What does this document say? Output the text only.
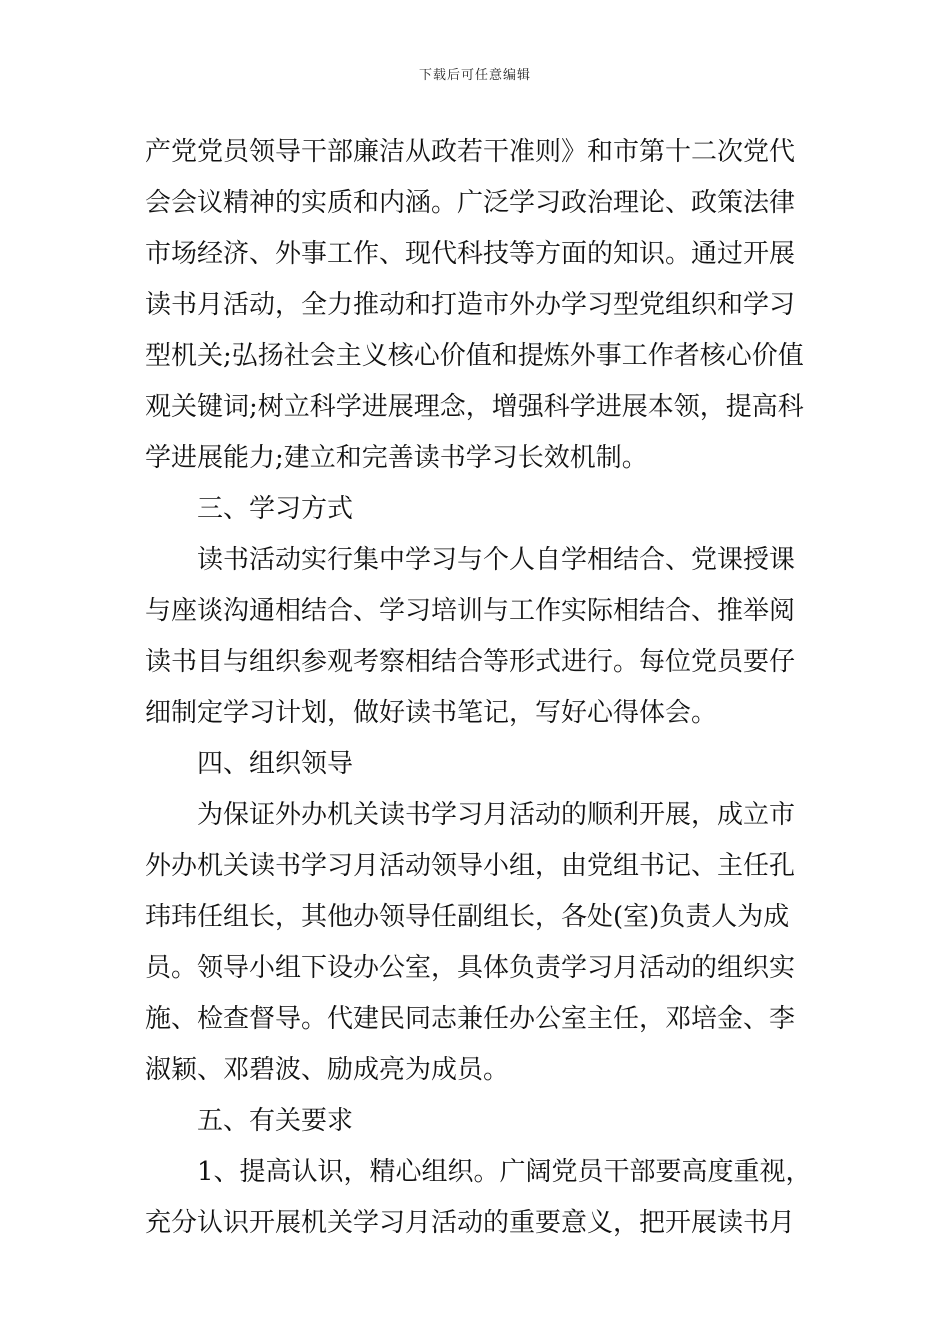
下载后可任意编辑
产党党员领导干部廉洁从政若干准则》和市第十二次党代
会会议精神的实质和内涵。广泛学习政治理论、政策法律
市场经济、外事工作、现代科技等方面的知识。通过开展
读书月活动，全力推动和打造市外办学习型党组织和学习
型机关;弘扬社会主义核心价值和提炼外事工作者核心价值
观关键词;树立科学进展理念，增强科学进展本领，提高科
学进展能力;建立和完善读书学习长效机制。
三、学习方式
读书活动实行集中学习与个人自学相结合、党课授课
与座谈沟通相结合、学习培训与工作实际相结合、推举阅
读书目与组织参观考察相结合等形式进行。每位党员要仔
细制定学习计划，做好读书笔记，写好心得体会。
四、组织领导
为保证外办机关读书学习月活动的顺利开展，成立市
外办机关读书学习月活动领导小组，由党组书记、主任孔
玮玮任组长，其他办领导任副组长，各处(室)负责人为成
员。领导小组下设办公室，具体负责学习月活动的组织实
施、检查督导。代建民同志兼任办公室主任，邓培金、李
淑颖、邓碧波、励成亮为成员。
五、有关要求
1、提高认识，精心组织。广阔党员干部要高度重视，
充分认识开展机关学习月活动的重要意义，把开展读书月
